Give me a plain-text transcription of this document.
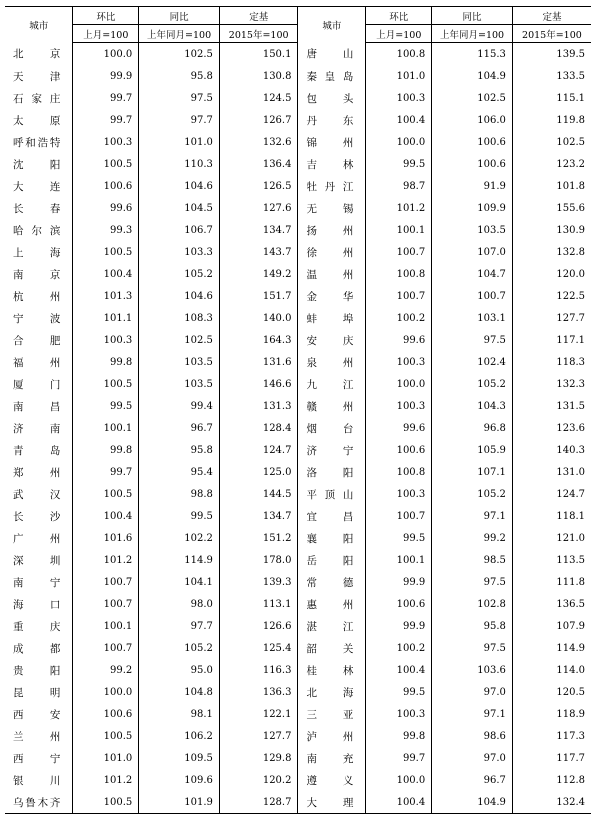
城市	环比	同比	定基	城市	环比	同比	定基
	上月=100	上年同月=100	2015年=100		上月=100	上年同月=100	2015年=100
北京	100.0	102.5	150.1	唐山	100.8	115.3	139.5
天津	99.9	95.8	130.8	秦皇岛	101.0	104.9	133.5
石家庄	99.7	97.5	124.5	包头	100.3	102.5	115.1
太原	99.7	97.7	126.7	丹东	100.4	106.0	119.8
呼和浩特	100.3	101.0	132.6	锦州	100.0	100.6	102.5
沈阳	100.5	110.3	136.4	吉林	99.5	100.6	123.2
大连	100.6	104.6	126.5	牡丹江	98.7	91.9	101.8
长春	99.6	104.5	127.6	无锡	101.2	109.9	155.6
哈尔滨	99.3	106.7	134.7	扬州	100.1	103.5	130.9
上海	100.5	103.3	143.7	徐州	100.7	107.0	132.8
南京	100.4	105.2	149.2	温州	100.8	104.7	120.0
杭州	101.3	104.6	151.7	金华	100.7	100.7	122.5
宁波	101.1	108.3	140.0	蚌埠	100.2	103.1	127.7
合肥	100.3	102.5	164.3	安庆	99.6	97.5	117.1
福州	99.8	103.5	131.6	泉州	100.3	102.4	118.3
厦门	100.5	103.5	146.6	九江	100.0	105.2	132.3
南昌	99.5	99.4	131.3	赣州	100.3	104.3	131.5
济南	100.1	96.7	128.4	烟台	99.6	96.8	123.6
青岛	99.8	95.8	124.7	济宁	100.6	105.9	140.3
郑州	99.7	95.4	125.0	洛阳	100.8	107.1	131.0
武汉	100.5	98.8	144.5	平顶山	100.3	105.2	124.7
长沙	100.4	99.5	134.7	宜昌	100.7	97.1	118.1
广州	101.6	102.2	151.2	襄阳	99.5	99.2	121.0
深圳	101.2	114.9	178.0	岳阳	100.1	98.5	113.5
南宁	100.7	104.1	139.3	常德	99.9	97.5	111.8
海口	100.7	98.0	113.1	惠州	100.6	102.8	136.5
重庆	100.1	97.7	126.6	湛江	99.9	95.8	107.9
成都	100.7	105.2	125.4	韶关	100.2	97.5	114.9
贵阳	99.2	95.0	116.3	桂林	100.4	103.6	114.0
昆明	100.0	104.8	136.3	北海	99.5	97.0	120.5
西安	100.6	98.1	122.1	三亚	100.3	97.1	118.9
兰州	100.5	106.2	127.7	泸州	99.8	98.6	117.3
西宁	101.0	109.5	129.8	南充	99.7	97.0	117.7
银川	101.2	109.6	120.2	遵义	100.0	96.7	112.8
乌鲁木齐	100.5	101.9	128.7	大理	100.4	104.9	132.4
